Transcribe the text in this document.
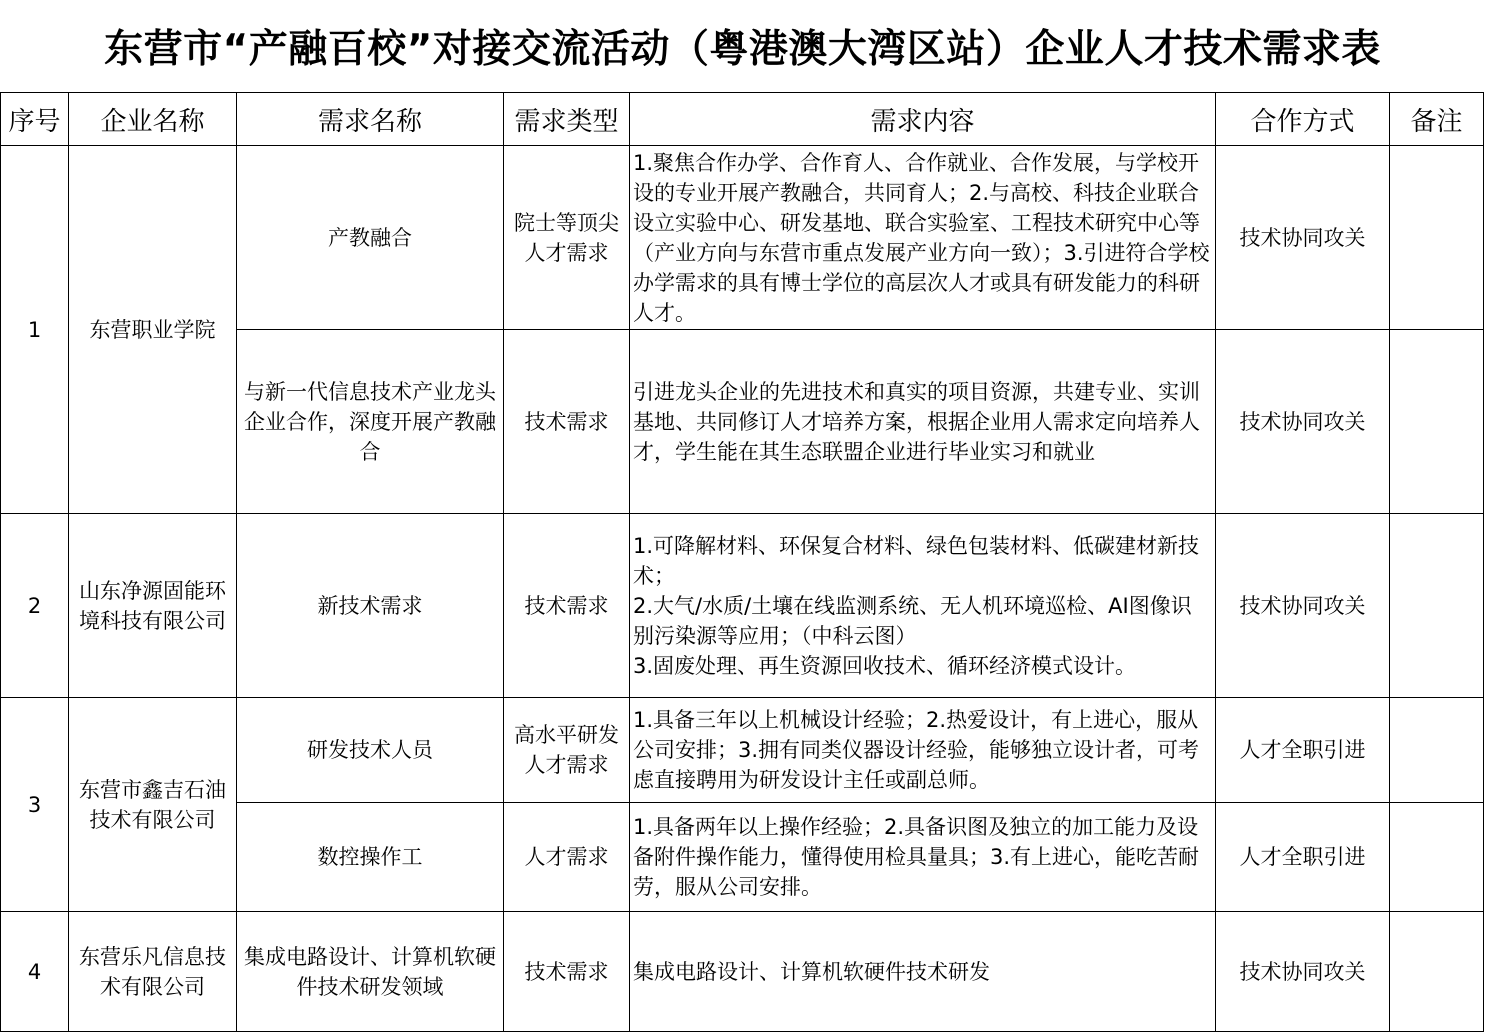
东营市“产融百校”对接交流活动（粤港澳大湾区站）企业人才技术需求表
序号	企业名称	需求名称	需求类型	需求内容	合作方式	备注
1	东营职业学院	产教融合	院士等顶尖人才需求	1.聚焦合作办学、合作育人、合作就业、合作发展，与学校开设的专业开展产教融合，共同育人；2.与高校、科技企业联合设立实验中心、研发基地、联合实验室、工程技术研究中心等（产业方向与东营市重点发展产业方向一致）；3.引进符合学校办学需求的具有博士学位的高层次人才或具有研发能力的科研人才。	技术协同攻关	
		与新一代信息技术产业龙头企业合作，深度开展产教融合	技术需求	引进龙头企业的先进技术和真实的项目资源，共建专业、实训基地、共同修订人才培养方案，根据企业用人需求定向培养人才，学生能在其生态联盟企业进行毕业实习和就业	技术协同攻关	
2	山东净源固能环境科技有限公司	新技术需求	技术需求	1.可降解材料、环保复合材料、绿色包装材料、低碳建材新技术；
2.大气/水质/土壤在线监测系统、无人机环境巡检、AI图像识别污染源等应用；（中科云图）
3.固废处理、再生资源回收技术、循环经济模式设计。	技术协同攻关	
3	东营市鑫吉石油技术有限公司	研发技术人员	高水平研发人才需求	1.具备三年以上机械设计经验；2.热爱设计，有上进心，服从公司安排；3.拥有同类仪器设计经验，能够独立设计者，可考虑直接聘用为研发设计主任或副总师。	人才全职引进	
		数控操作工	人才需求	1.具备两年以上操作经验；2.具备识图及独立的加工能力及设备附件操作能力，懂得使用检具量具；3.有上进心，能吃苦耐劳，服从公司安排。	人才全职引进	
4	东营乐凡信息技术有限公司	集成电路设计、计算机软硬件技术研发领域	技术需求	集成电路设计、计算机软硬件技术研发	技术协同攻关	
